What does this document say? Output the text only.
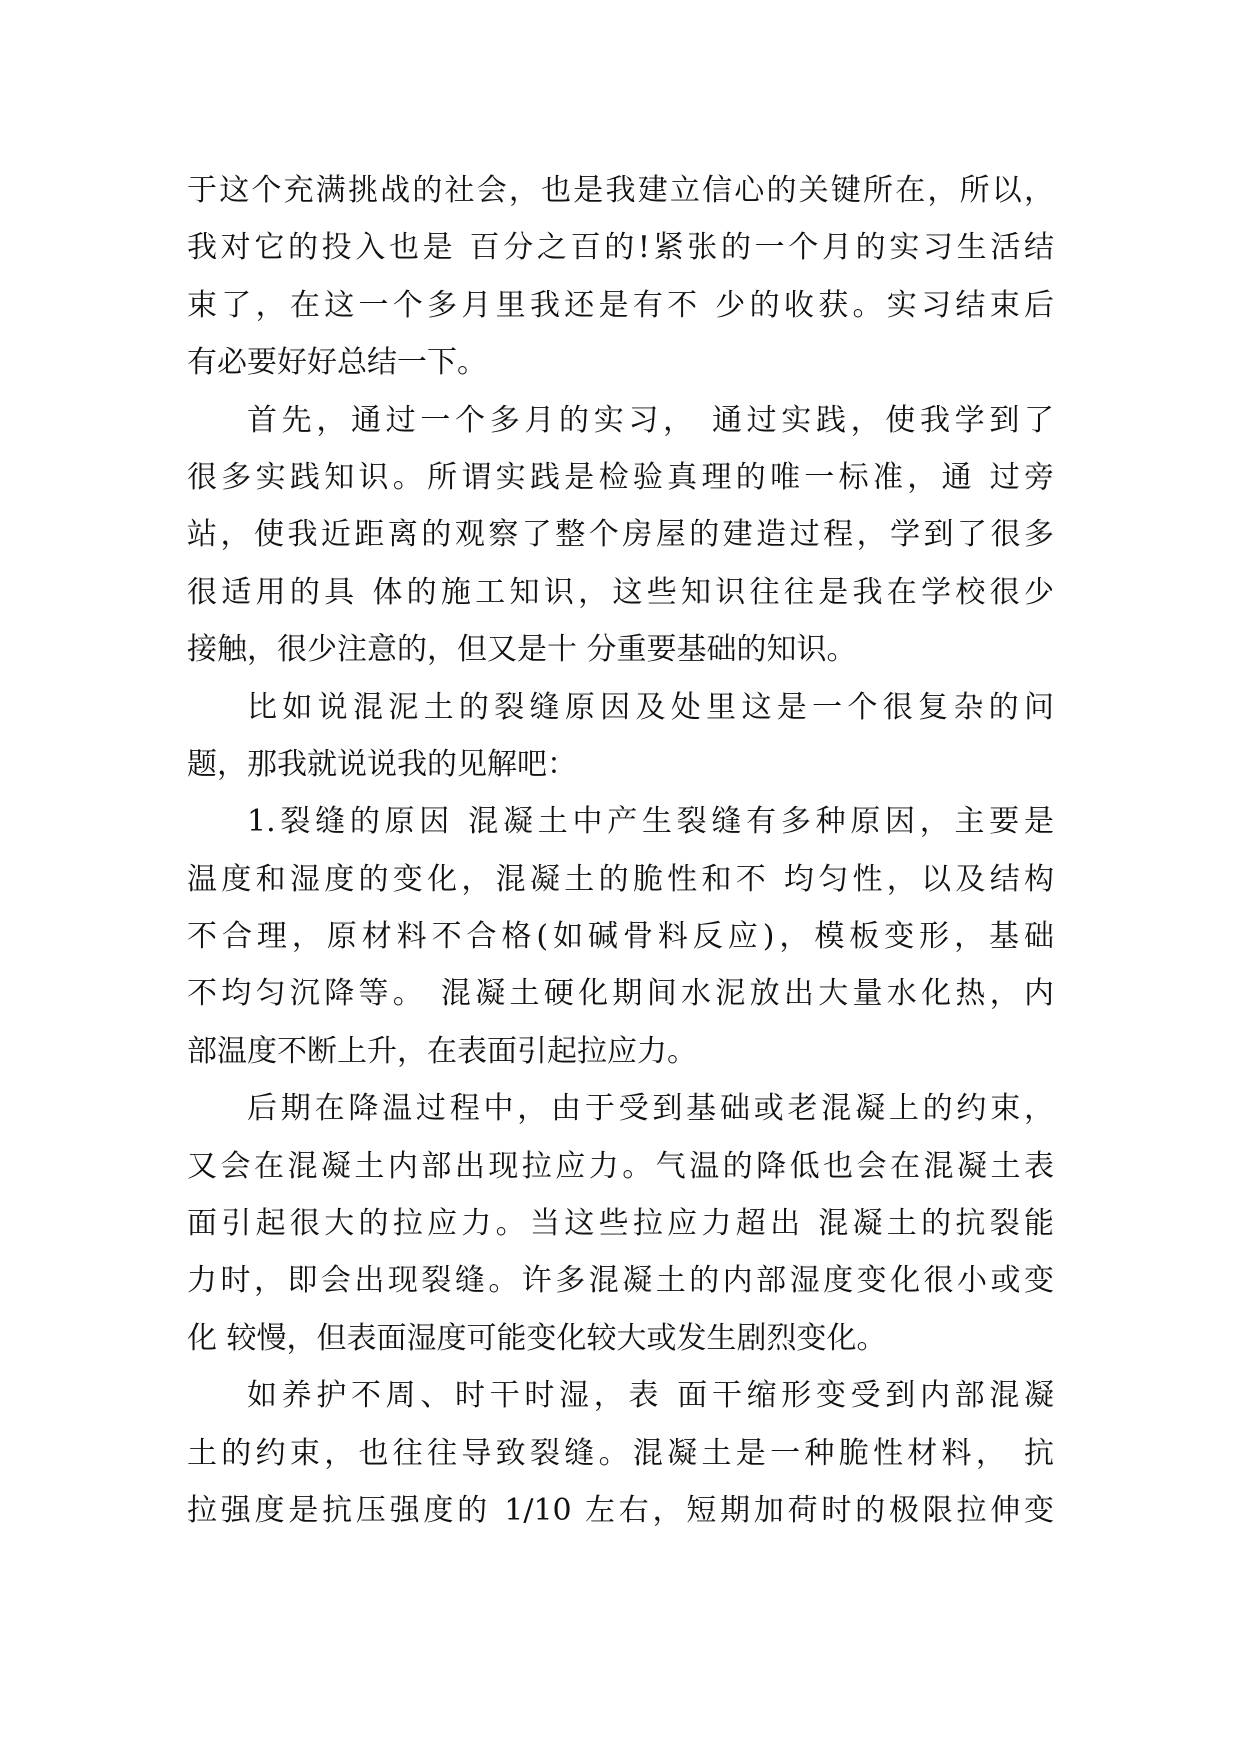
于这个充满挑战的社会，也是我建立信心的关键所在，所以，
我对它的投入也是 百分之百的!紧张的一个月的实习生活结
束了，在这一个多月里我还是有不 少的收获。实习结束后
有必要好好总结一下。
首先，通过一个多月的实习， 通过实践，使我学到了
很多实践知识。所谓实践是检验真理的唯一标准，通 过旁
站，使我近距离的观察了整个房屋的建造过程，学到了很多
很适用的具 体的施工知识，这些知识往往是我在学校很少
接触，很少注意的，但又是十 分重要基础的知识。
比如说混泥土的裂缝原因及处里这是一个很复杂的问
题，那我就说说我的见解吧：
1.裂缝的原因 混凝土中产生裂缝有多种原因，主要是
温度和湿度的变化，混凝土的脆性和不 均匀性，以及结构
不合理，原材料不合格(如碱骨料反应)，模板变形，基础
不均匀沉降等。 混凝土硬化期间水泥放出大量水化热，内
部温度不断上升，在表面引起拉应力。
后期在降温过程中，由于受到基础或老混凝上的约束，
又会在混凝土内部出现拉应力。气温的降低也会在混凝土表
面引起很大的拉应力。当这些拉应力超出 混凝土的抗裂能
力时，即会出现裂缝。许多混凝土的内部湿度变化很小或变
化 较慢，但表面湿度可能变化较大或发生剧烈变化。
如养护不周、时干时湿，表 面干缩形变受到内部混凝
土的约束，也往往导致裂缝。混凝土是一种脆性材料， 抗
拉强度是抗压强度的 1/10 左右，短期加荷时的极限拉伸变
